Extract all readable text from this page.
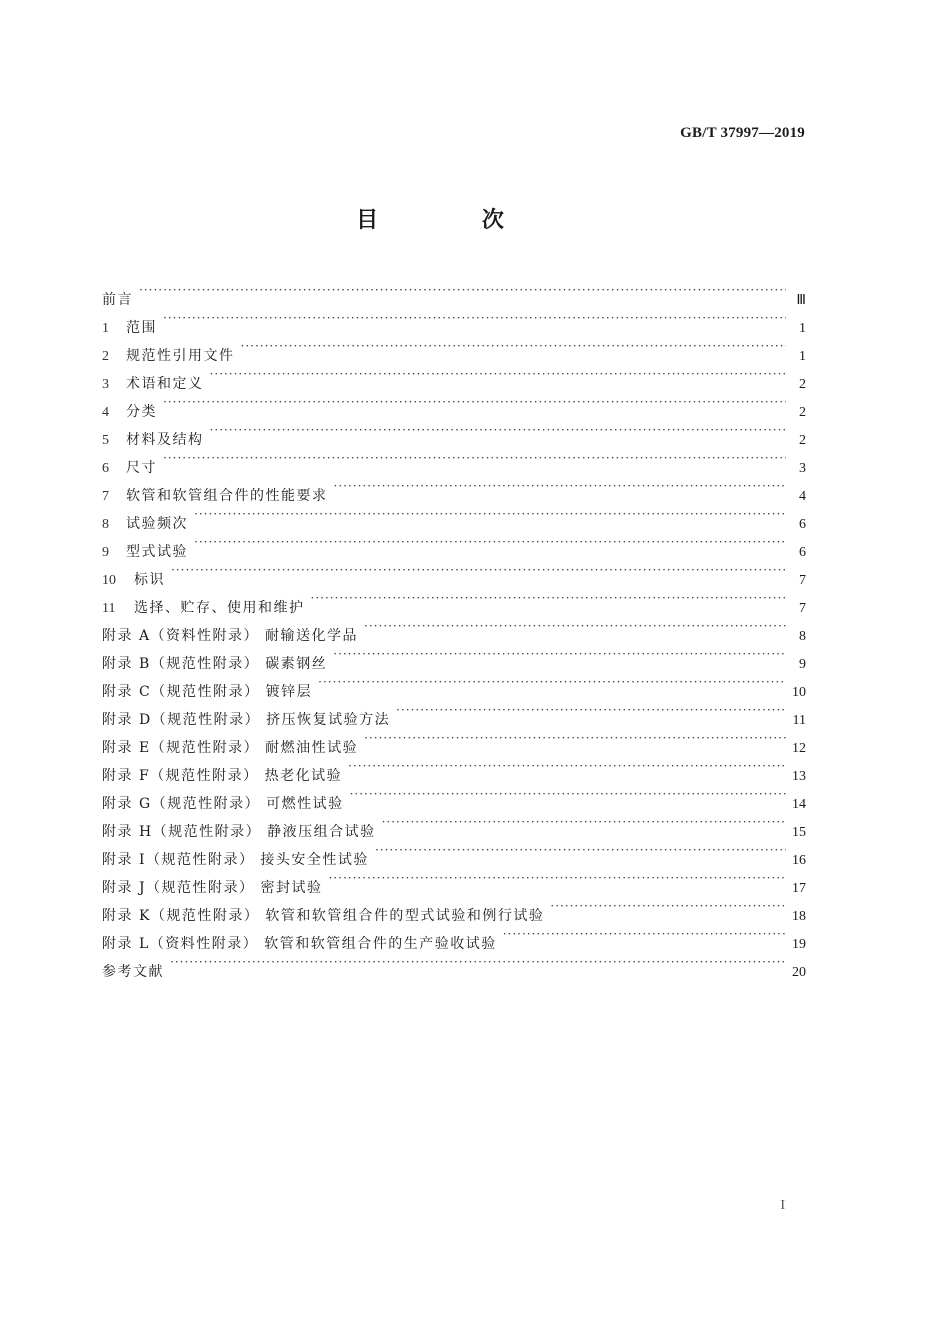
GB/T 37997—2019
目 次
前言 ·····	Ⅲ
1	范围 ·····	1
2	规范性引用文件 ·····	1
3	术语和定义 ·····	2
4	分类 ·····	2
5	材料及结构 ·····	2
6	尺寸 ·····	3
7	软管和软管组合件的性能要求 ·····	4
8	试验频次 ·····	6
9	型式试验 ·····	6
10	标识 ·····	7
11	选择、贮存、使用和维护 ·····	7
附录 A（资料性附录） 耐输送化学品 ·····	8
附录 B（规范性附录） 碳素钢丝 ·····	9
附录 C（规范性附录） 镀锌层 ·····	10
附录 D（规范性附录） 挤压恢复试验方法 ·····	11
附录 E（规范性附录） 耐燃油性试验 ·····	12
附录 F（规范性附录） 热老化试验 ·····	13
附录 G（规范性附录） 可燃性试验 ·····	14
附录 H（规范性附录） 静液压组合试验 ·····	15
附录 I（规范性附录） 接头安全性试验 ·····	16
附录 J（规范性附录） 密封试验 ·····	17
附录 K（规范性附录） 软管和软管组合件的型式试验和例行试验 ·····	18
附录 L（资料性附录） 软管和软管组合件的生产验收试验 ·····	19
参考文献 ·····	20
I
